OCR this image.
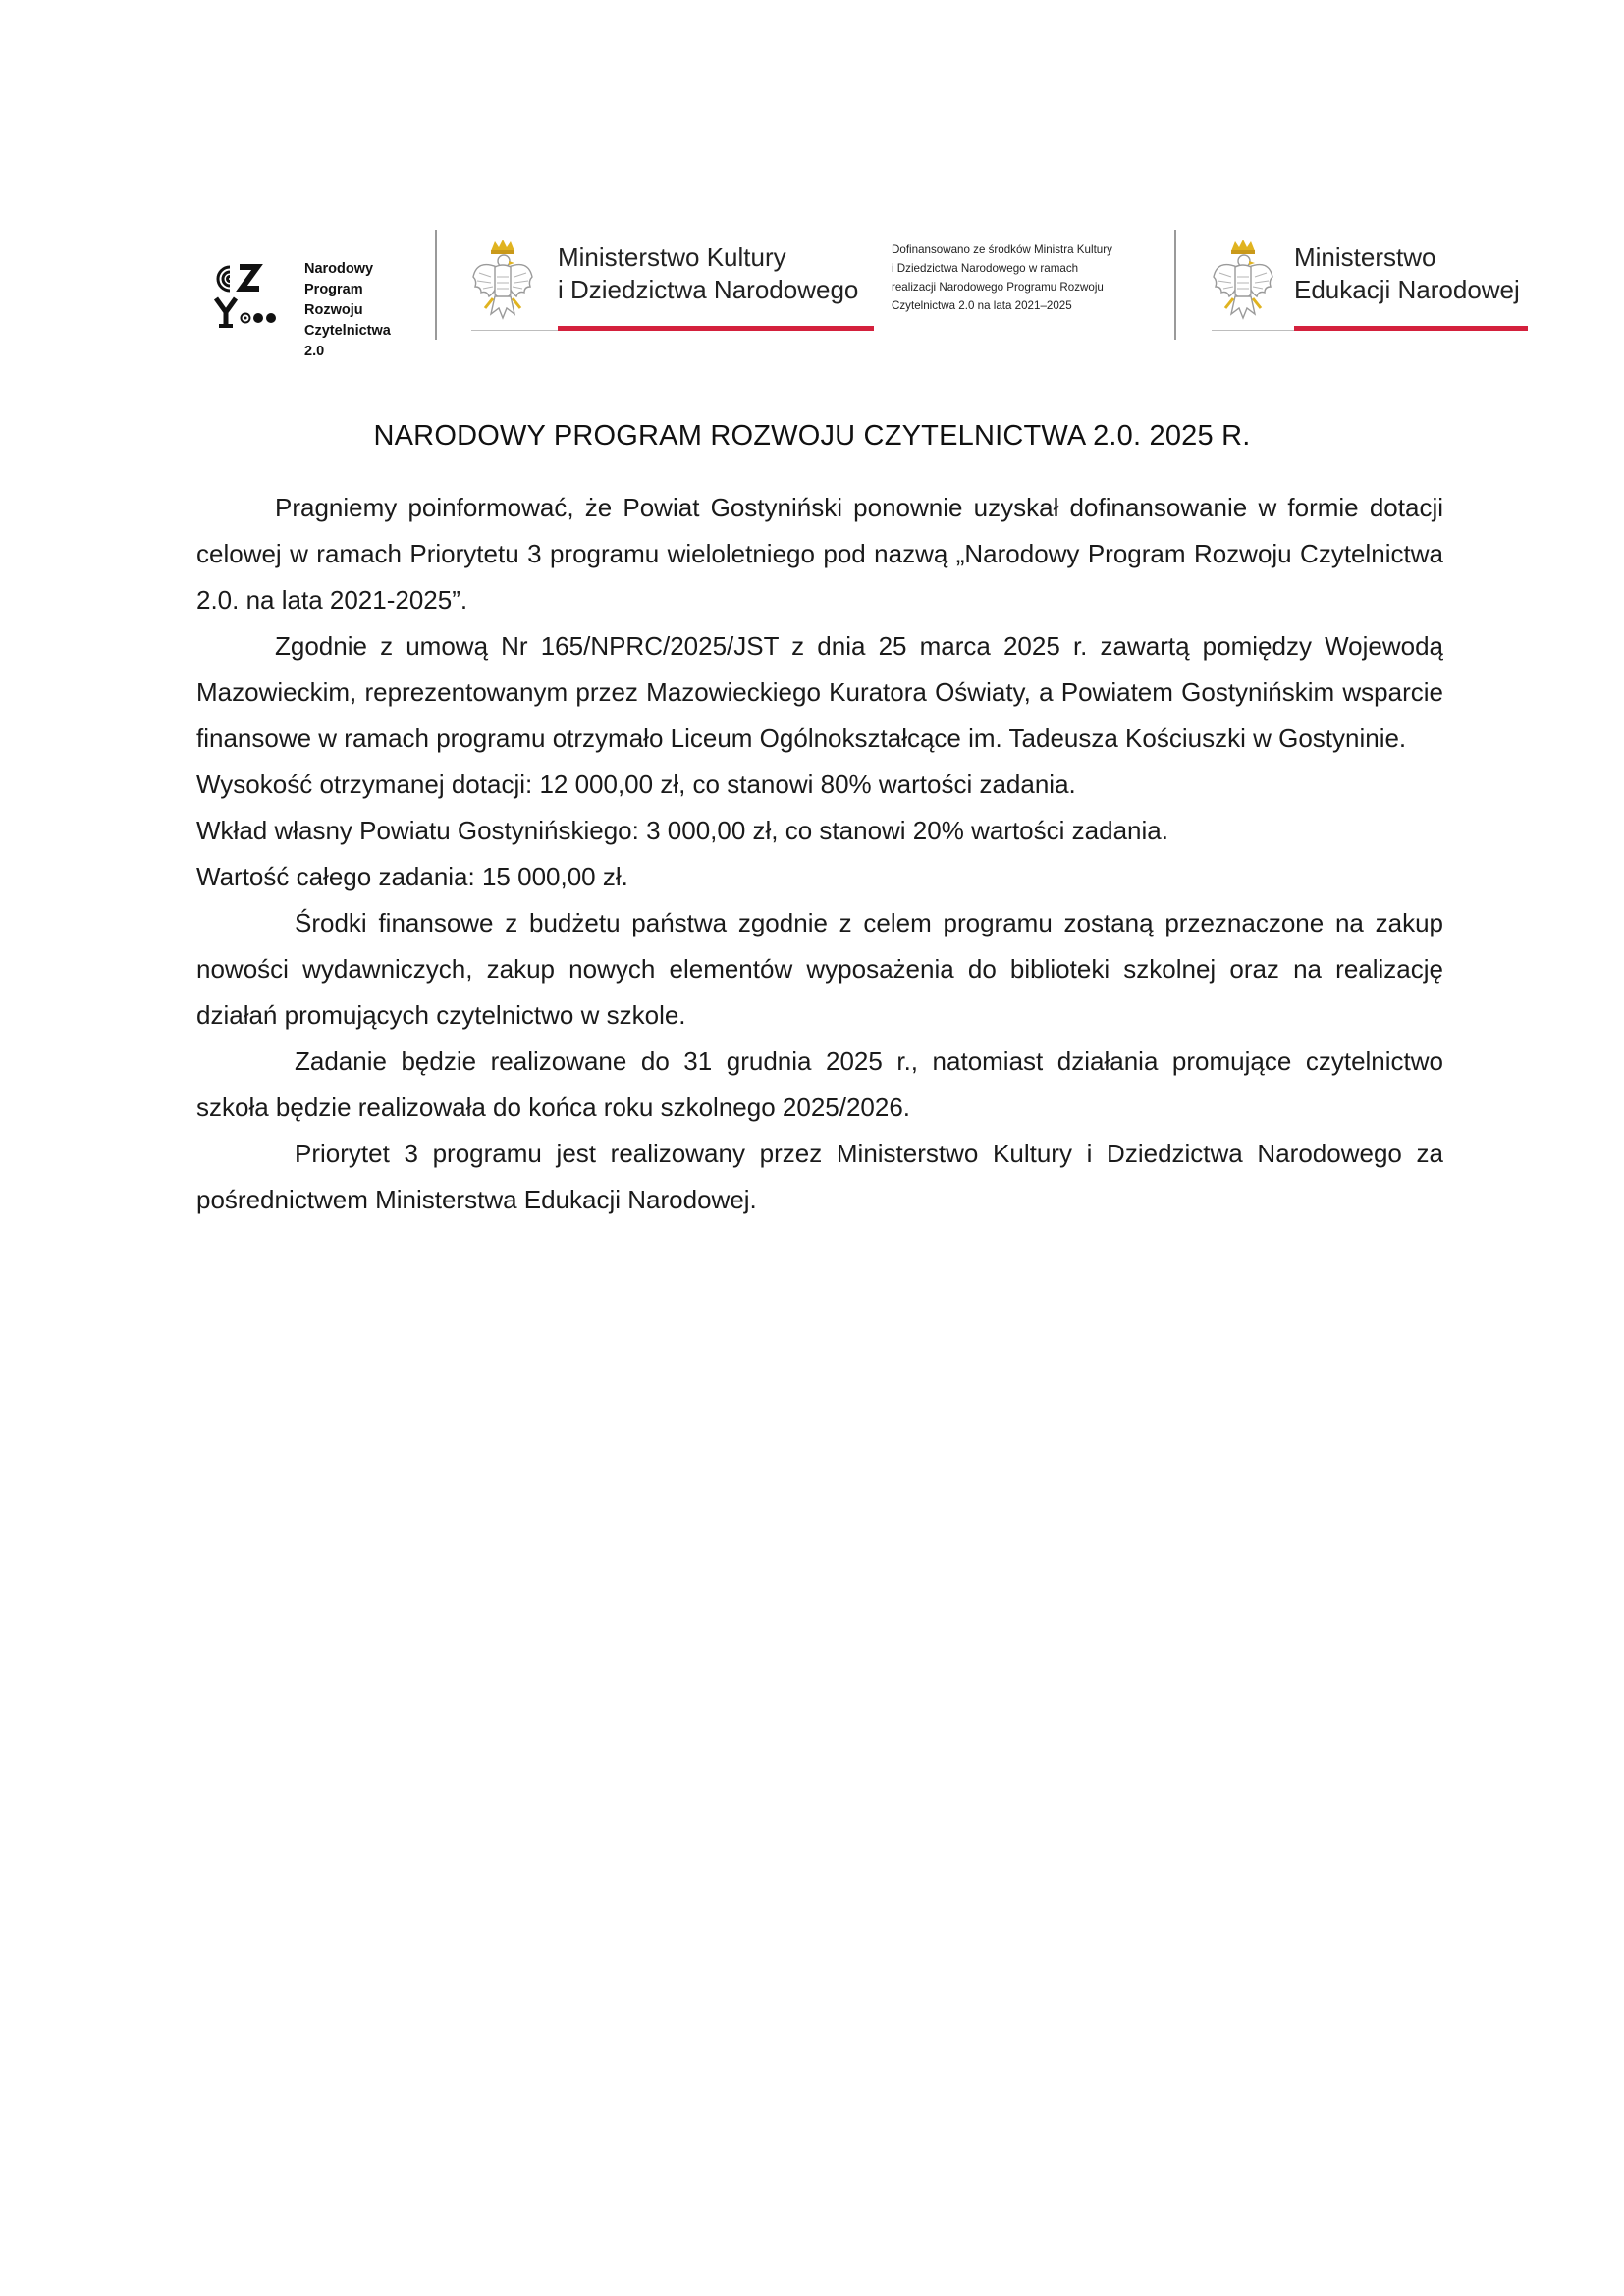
Narodowy
Program
Rozwoju
Czytelnictwa
2.0
Ministerstwo Kultury
i Dziedzictwa Narodowego
Dofinansowano ze środków Ministra Kultury
i Dziedzictwa Narodowego w ramach
realizacji Narodowego Programu Rozwoju
Czytelnictwa 2.0 na lata 2021–2025
Ministerstwo
Edukacji Narodowej
NARODOWY PROGRAM ROZWOJU CZYTELNICTWA 2.0. 2025 R.

Pragniemy poinformować, że Powiat Gostyniński ponownie uzyskał dofinansowanie w formie dotacji celowej w ramach Priorytetu 3 programu wieloletniego pod nazwą „Narodowy Program Rozwoju Czytelnictwa 2.0. na lata 2021-2025”.

Zgodnie z umową Nr 165/NPRC/2025/JST z dnia 25 marca 2025 r. zawartą pomiędzy Wojewodą Mazowieckim, reprezentowanym przez Mazowieckiego Kuratora Oświaty, a Powiatem Gostynińskim wsparcie finansowe w ramach programu otrzymało Liceum Ogólnokształcące im. Tadeusza Kościuszki w Gostyninie.

Wysokość otrzymanej dotacji: 12 000,00 zł, co stanowi 80% wartości zadania.

Wkład własny Powiatu Gostynińskiego: 3 000,00 zł, co stanowi 20% wartości zadania.

Wartość całego zadania: 15 000,00 zł.

Środki finansowe z budżetu państwa zgodnie z celem programu zostaną przeznaczone na zakup nowości wydawniczych, zakup nowych elementów wyposażenia do biblioteki szkolnej oraz na realizację działań promujących czytelnictwo w szkole.

Zadanie będzie realizowane do 31 grudnia 2025 r., natomiast działania promujące czytelnictwo szkoła będzie realizowała do końca roku szkolnego 2025/2026.

Priorytet 3 programu jest realizowany przez Ministerstwo Kultury i Dziedzictwa Narodowego za pośrednictwem Ministerstwa Edukacji Narodowej.
